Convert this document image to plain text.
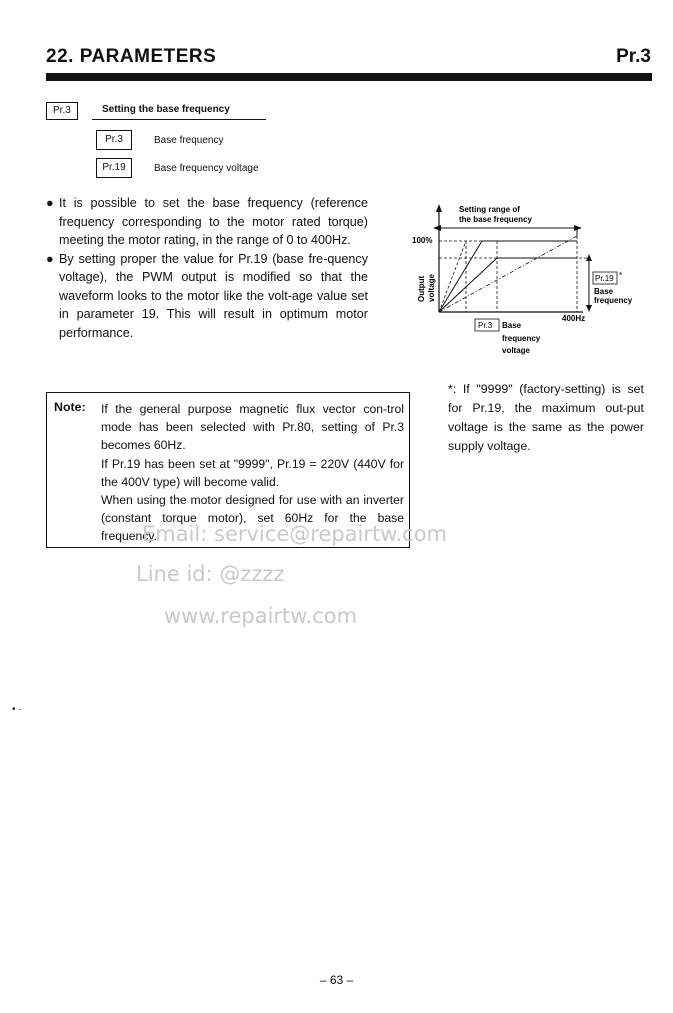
22. PARAMETERS	Pr.3
Pr.3	Setting the base frequency
Pr.3	Base frequency
Pr.19	Base frequency voltage
● It is possible to set the base frequency (reference frequency corresponding to the motor rated torque) meeting the motor rating, in the range of 0 to 400Hz.
● By setting proper the value for Pr.19 (base fre-quency voltage), the PWM output is modified so that the waveform looks to the motor like the volt-age value set in parameter 19. This will result in optimum motor performance.
Setting range of
the base frequency
100%
Output voltage	Pr.19 *
Base
frequency
400Hz
Pr.3 Base
frequency
voltage
*: If "9999" (factory-setting) is set for Pr.19, the maximum out-put voltage is the same as the power supply voltage.
Note: If the general purpose magnetic flux vector con-trol mode has been selected with Pr.80, setting of Pr.3 becomes 60Hz.

If Pr.19 has been set at "9999", Pr.19 = 220V (440V for the 400V type) will become valid.

When using the motor designed for use with an inverter (constant torque motor), set 60Hz for the base frequency.

Email: service@repairtw.com
Line id: @zzzz
www.repairtw.com
• ·
– 63 –
